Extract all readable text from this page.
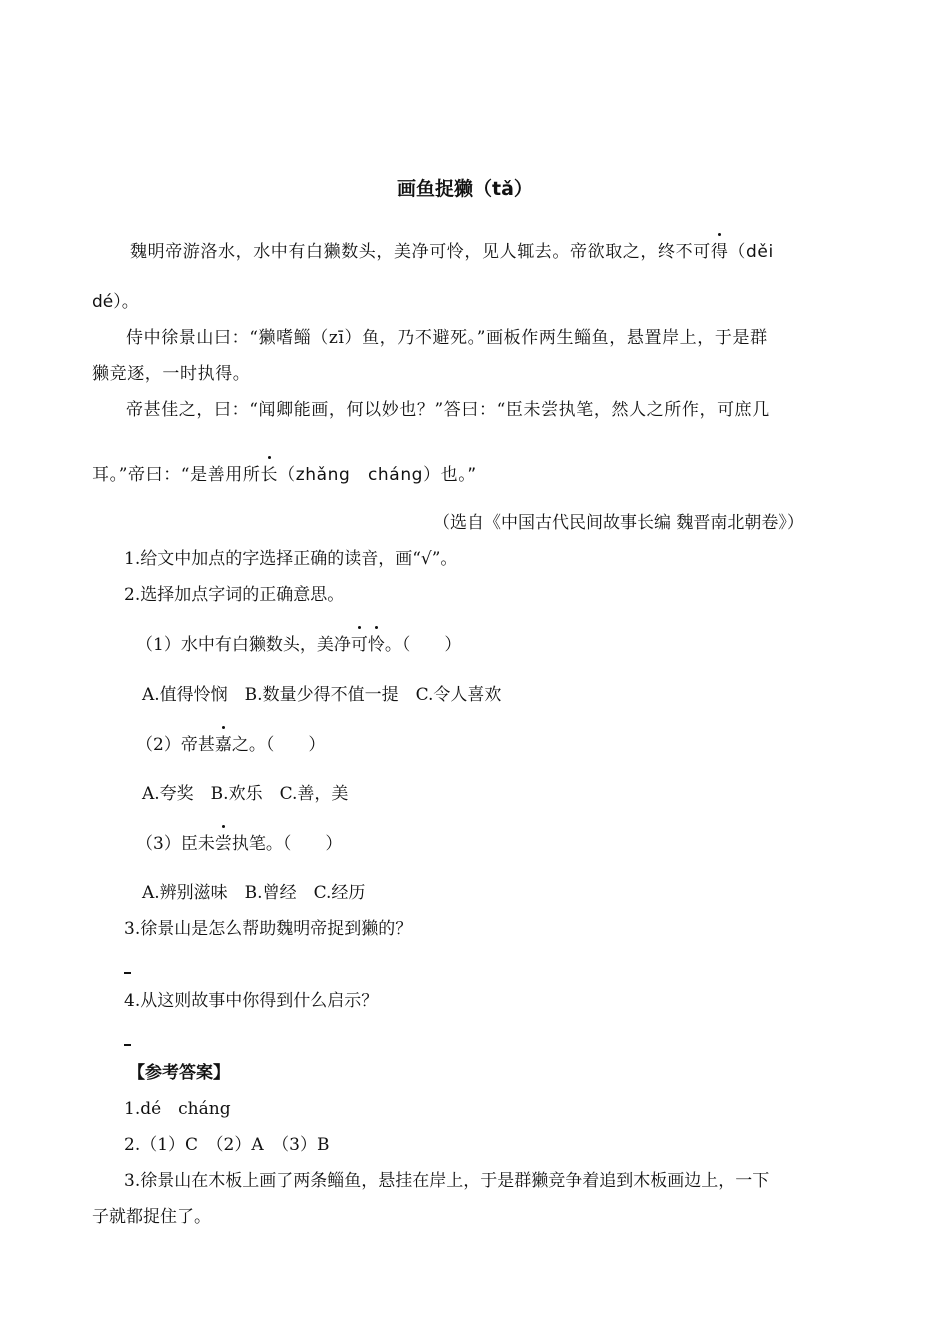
画鱼捉獭（tǎ）
魏明帝游洛水，水中有白獭数头，美净可怜，见人辄去。帝欲取之，终不可得（děi
dé）。
侍中徐景山曰：“獭嗜鲻（zī）鱼，乃不避死。”画板作两生鲻鱼，悬置岸上，于是群
獭竞逐，一时执得。
帝甚佳之，曰：“闻卿能画，何以妙也？”答曰：“臣未尝执笔，然人之所作，可庶几
耳。”帝曰：“是善用所长（zhǎng　cháng）也。”
（选自《中国古代民间故事长编 魏晋南北朝卷》）
1.给文中加点的字选择正确的读音，画“√”。
2.选择加点字词的正确意思。
（1）水中有白獭数头，美净可怜。（　　）
A.值得怜悯　B.数量少得不值一提　C.令人喜欢
（2）帝甚嘉之。（　　）
A.夸奖　B.欢乐　C.善，美
（3）臣未尝执笔。（　　）
A.辨别滋味　B.曾经　C.经历
3.徐景山是怎么帮助魏明帝捉到獭的？
4.从这则故事中你得到什么启示？
【参考答案】
1.dé　cháng
2.（1）C　（2）A　（3）B
3.徐景山在木板上画了两条鲻鱼，悬挂在岸上，于是群獭竞争着追到木板画边上，一下
子就都捉住了。
